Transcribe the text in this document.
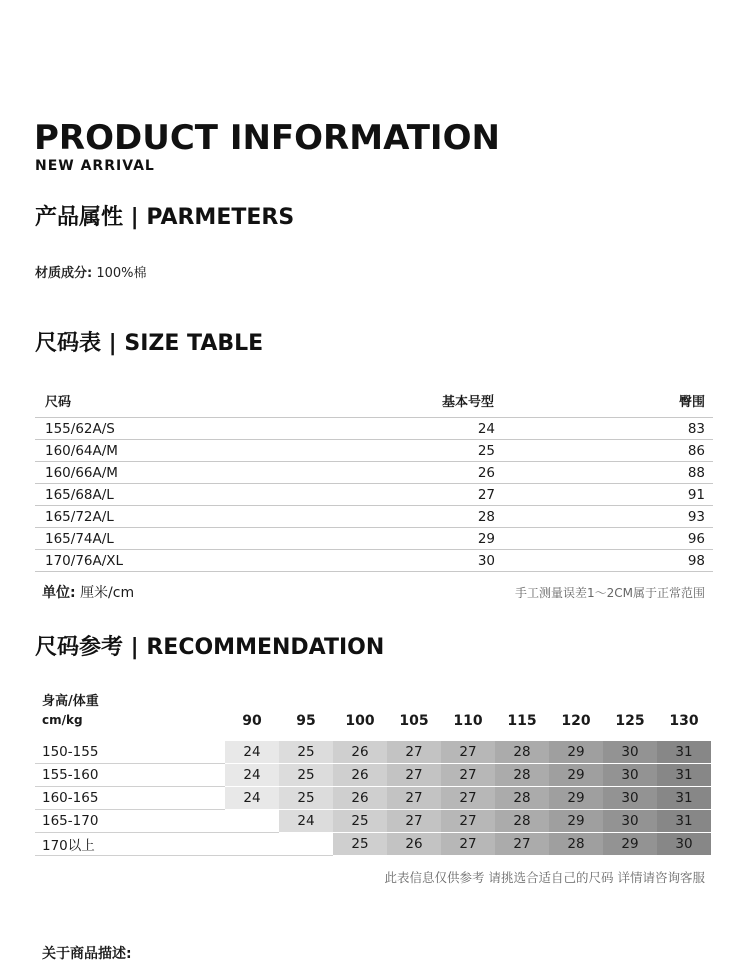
PRODUCT INFORMATION
NEW ARRIVAL
产品属性 | PARMETERS
材质成分: 100%棉
尺码表 | SIZE TABLE
尺码	基本号型	臀围
155/62A/S	24	83
160/64A/M	25	86
160/66A/M	26	88
165/68A/L	27	91
165/72A/L	28	93
165/74A/L	29	96
170/76A/XL	30	98
单位: 厘米/cm	手工测量误差1～2CM属于正常范围
尺码参考 | RECOMMENDATION
身高/体重
cm/kg	90	95	100	105	110	115	120	125	130
150-155	24	25	26	27	27	28	29	30	31
155-160	24	25	26	27	27	28	29	30	31
160-165	24	25	26	27	27	28	29	30	31
165-170		24	25	27	27	28	29	30	31
170以上			25	26	27	27	28	29	30
此表信息仅供参考 请挑选合适自己的尺码 详情请咨询客服
关于商品描述:
